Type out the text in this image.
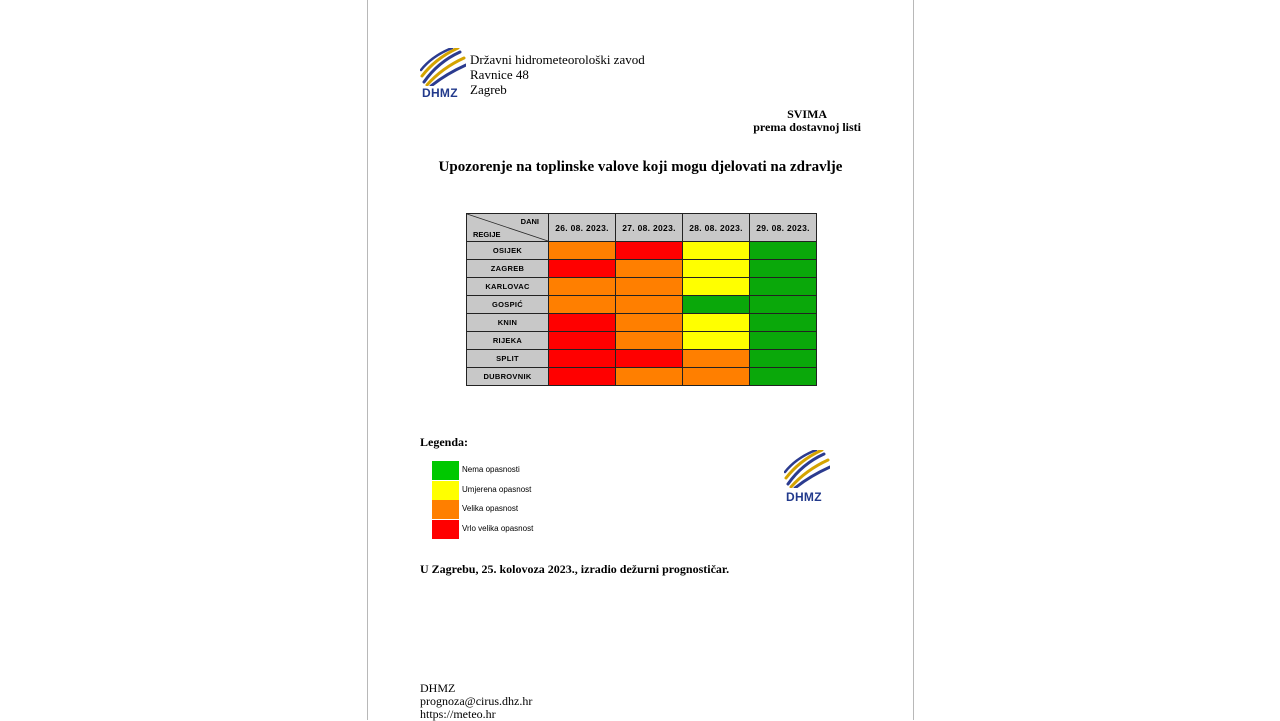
DHMZ
Državni hidrometeorološki zavod
Ravnice 48
Zagreb
SVIMA
prema dostavnoj listi
Upozorenje na toplinske valove koji mogu djelovati na zdravlje
DANI
REGIJE	26. 08. 2023.	27. 08. 2023.	28. 08. 2023.	29. 08. 2023.
OSIJEK				
ZAGREB				
KARLOVAC				
GOSPIĆ				
KNIN				
RIJEKA				
SPLIT				
DUBROVNIK				
Legenda:
Nema opasnosti
Umjerena opasnost
Velika opasnost
Vrlo velika opasnost
DHMZ
U Zagrebu, 25. kolovoza 2023., izradio dežurni prognostičar.
DHMZ
prognoza@cirus.dhz.hr
https://meteo.hr
